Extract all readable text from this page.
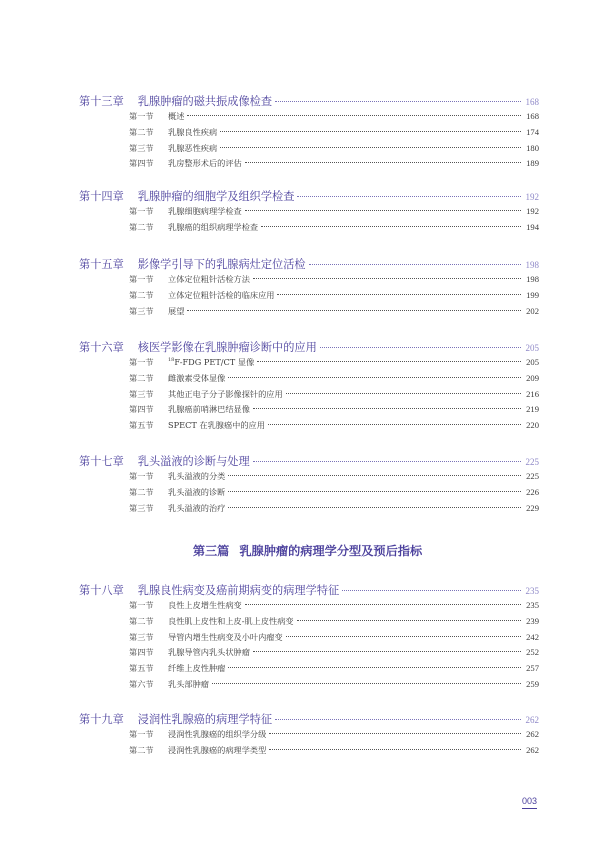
第十三章 乳腺肿瘤的磁共振成像检查	168
第一节	概述	168
第二节	乳腺良性疾病	174
第三节	乳腺恶性疾病	180
第四节	乳房整形术后的评估	189
第十四章 乳腺肿瘤的细胞学及组织学检查	192
第一节	乳腺细胞病理学检查	192
第二节	乳腺癌的组织病理学检查	194
第十五章 影像学引导下的乳腺病灶定位活检	198
第一节	立体定位粗针活检方法	198
第二节	立体定位粗针活检的临床应用	199
第三节	展望	202
第十六章 核医学影像在乳腺肿瘤诊断中的应用	205
第一节	$^{18}$F-FDG PET/CT 显像	205
第二节	雌激素受体显像	209
第三节	其他正电子分子影像探针的应用	216
第四节	乳腺癌前哨淋巴结显像	219
第五节	SPECT 在乳腺癌中的应用	220
第十七章 乳头溢液的诊断与处理	225
第一节	乳头溢液的分类	225
第二节	乳头溢液的诊断	226
第三节	乳头溢液的治疗	229
第十八章 乳腺良性病变及癌前期病变的病理学特征	235
第一节	良性上皮增生性病变	235
第二节	良性肌上皮性和上皮-肌上皮性病变	239
第三节	导管内增生性病变及小叶内瘤变	242
第四节	乳腺导管内乳头状肿瘤	252
第五节	纤维上皮性肿瘤	257
第六节	乳头部肿瘤	259
第十九章 浸润性乳腺癌的病理学特征	262
第一节	浸润性乳腺癌的组织学分级	262
第二节	浸润性乳腺癌的病理学类型	262
第三篇 乳腺肿瘤的病理学分型及预后指标
003
